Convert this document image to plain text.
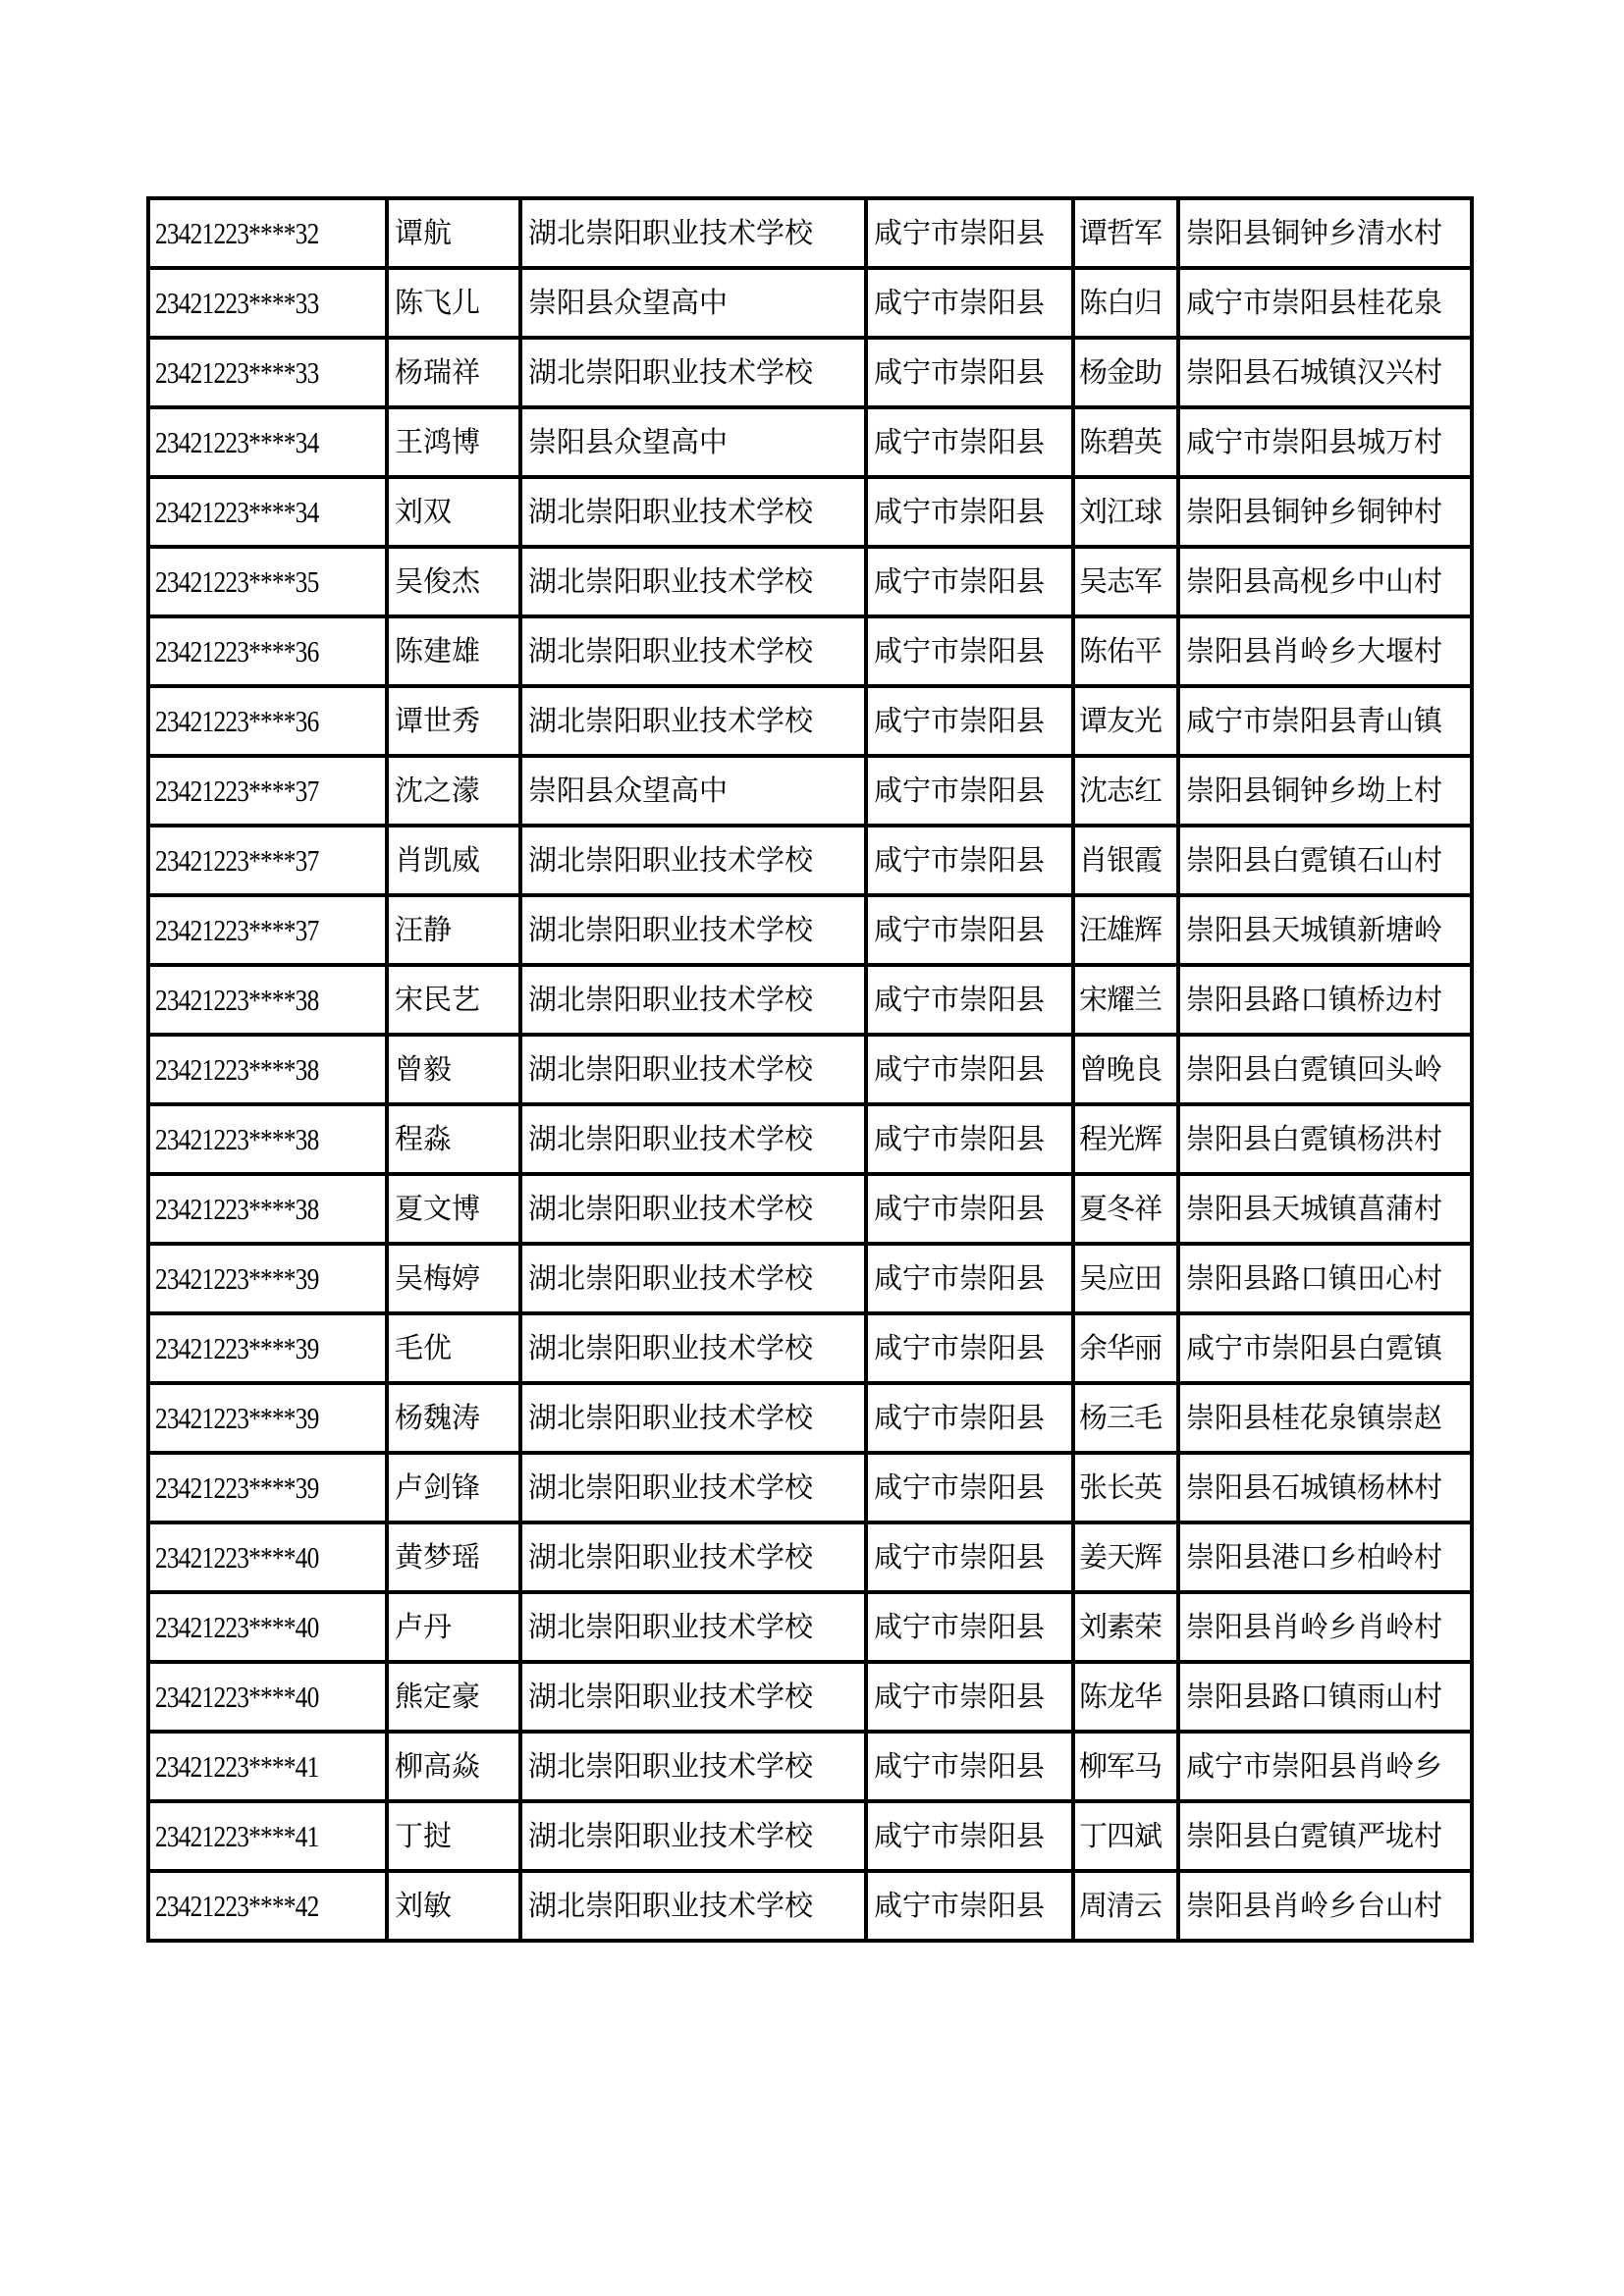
23421223****32	谭航	湖北崇阳职业技术学校	咸宁市崇阳县	谭哲军	崇阳县铜钟乡清水村
23421223****33	陈飞儿	崇阳县众望高中	咸宁市崇阳县	陈白归	咸宁市崇阳县桂花泉
23421223****33	杨瑞祥	湖北崇阳职业技术学校	咸宁市崇阳县	杨金助	崇阳县石城镇汉兴村
23421223****34	王鸿博	崇阳县众望高中	咸宁市崇阳县	陈碧英	咸宁市崇阳县城万村
23421223****34	刘双	湖北崇阳职业技术学校	咸宁市崇阳县	刘江球	崇阳县铜钟乡铜钟村
23421223****35	吴俊杰	湖北崇阳职业技术学校	咸宁市崇阳县	吴志军	崇阳县高枧乡中山村
23421223****36	陈建雄	湖北崇阳职业技术学校	咸宁市崇阳县	陈佑平	崇阳县肖岭乡大堰村
23421223****36	谭世秀	湖北崇阳职业技术学校	咸宁市崇阳县	谭友光	咸宁市崇阳县青山镇
23421223****37	沈之濛	崇阳县众望高中	咸宁市崇阳县	沈志红	崇阳县铜钟乡坳上村
23421223****37	肖凯威	湖北崇阳职业技术学校	咸宁市崇阳县	肖银霞	崇阳县白霓镇石山村
23421223****37	汪静	湖北崇阳职业技术学校	咸宁市崇阳县	汪雄辉	崇阳县天城镇新塘岭
23421223****38	宋民艺	湖北崇阳职业技术学校	咸宁市崇阳县	宋耀兰	崇阳县路口镇桥边村
23421223****38	曾毅	湖北崇阳职业技术学校	咸宁市崇阳县	曾晚良	崇阳县白霓镇回头岭
23421223****38	程淼	湖北崇阳职业技术学校	咸宁市崇阳县	程光辉	崇阳县白霓镇杨洪村
23421223****38	夏文博	湖北崇阳职业技术学校	咸宁市崇阳县	夏冬祥	崇阳县天城镇菖蒲村
23421223****39	吴梅婷	湖北崇阳职业技术学校	咸宁市崇阳县	吴应田	崇阳县路口镇田心村
23421223****39	毛优	湖北崇阳职业技术学校	咸宁市崇阳县	余华丽	咸宁市崇阳县白霓镇
23421223****39	杨魏涛	湖北崇阳职业技术学校	咸宁市崇阳县	杨三毛	崇阳县桂花泉镇崇赵
23421223****39	卢剑锋	湖北崇阳职业技术学校	咸宁市崇阳县	张长英	崇阳县石城镇杨林村
23421223****40	黄梦瑶	湖北崇阳职业技术学校	咸宁市崇阳县	姜天辉	崇阳县港口乡柏岭村
23421223****40	卢丹	湖北崇阳职业技术学校	咸宁市崇阳县	刘素荣	崇阳县肖岭乡肖岭村
23421223****40	熊定豪	湖北崇阳职业技术学校	咸宁市崇阳县	陈龙华	崇阳县路口镇雨山村
23421223****41	柳高焱	湖北崇阳职业技术学校	咸宁市崇阳县	柳军马	咸宁市崇阳县肖岭乡
23421223****41	丁挝	湖北崇阳职业技术学校	咸宁市崇阳县	丁四斌	崇阳县白霓镇严垅村
23421223****42	刘敏	湖北崇阳职业技术学校	咸宁市崇阳县	周清云	崇阳县肖岭乡台山村
